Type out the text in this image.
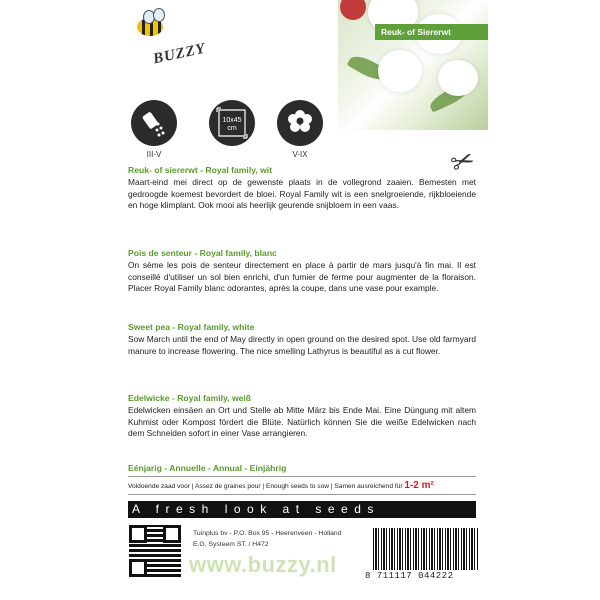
Reuk- of Siererwt
BUZZY
III-V
10x45
cm
V-IX	✂
Reuk- of siererwt - Royal family, wit
Maart-eind mei direct op de gewenste plaats in de vollegrond zaaien. Bemesten met gedroogde koemest bevordert de bloei. Royal Family wit is een snelgroeiende, rijkbloeiende en hoge klimplant. Ook mooi als heerlijk geurende snijbloem in een vaas.
Pois de senteur - Royal family, blanc
On sème les pois de senteur directement en place à partir de mars jusqu'à fin mai. Il est conseillé d'utiliser un sol bien enrichi, d'un fumier de ferme pour augmenter de la floraison. Placer Royal Family blanc odorantes, après la coupe, dans une vase pour example.
Sweet pea - Royal family, white
Sow March until the end of May directly in open ground on the desired spot. Use old farmyard manure to increase flowering. The nice smelling Lathyrus is beautiful as a cut flower.
Edelwicke - Royal family, weiß
Edelwicken einsäen an Ort und Stelle ab Mitte März bis Ende Mai. Eine Düngung mit altem Kuhmist oder Kompost fördert die Blüte. Natürlich können Sie die weiße Edelwicken nach dem Schneiden sofort in einer Vase arrangieren.
Eénjarig - Annuelle - Annual - Einjährig
Voldoende zaad voor | Assez de graines pour | Enough seeds to sow | Samen ausreichend für 1-2 m²
A fresh look at seeds
Tuinplus bv - P.O. Box 95 - Heerenveen - Holland
E.G. Systeem ST. / H472
www.buzzy.nl	8 711117 044222
